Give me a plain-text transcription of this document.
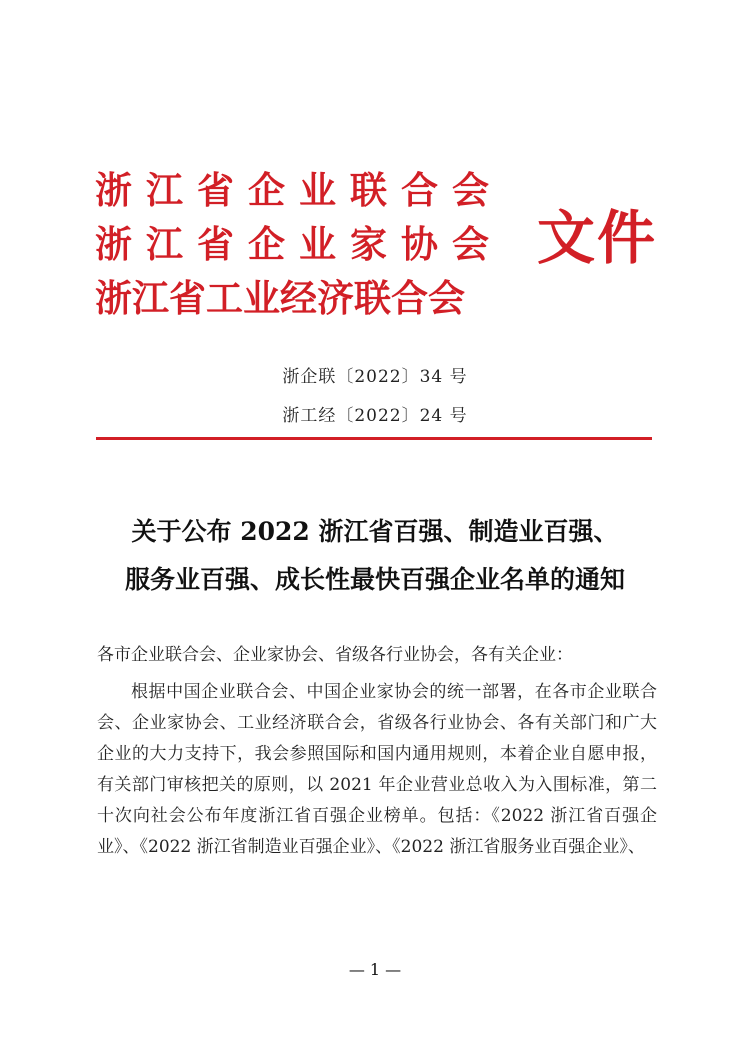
浙江省企业联合会
浙江省企业家协会
浙江省工业经济联合会
文件
浙企联〔2022〕34 号
浙工经〔2022〕24 号
关于公布 2022 浙江省百强、制造业百强、
服务业百强、成长性最快百强企业名单的通知
各市企业联合会、企业家协会、省级各行业协会，各有关企业：
根据中国企业联合会、中国企业家协会的统一部署，在各市企业联合会、企业家协会、工业经济联合会，省级各行业协会、各有关部门和广大企业的大力支持下，我会参照国际和国内通用规则，本着企业自愿申报，有关部门审核把关的原则，以 2021 年企业营业总收入为入围标准，第二十次向社会公布年度浙江省百强企业榜单。包括：《2022 浙江省百强企业》、《2022 浙江省制造业百强企业》、《2022 浙江省服务业百强企业》、
— 1 —
